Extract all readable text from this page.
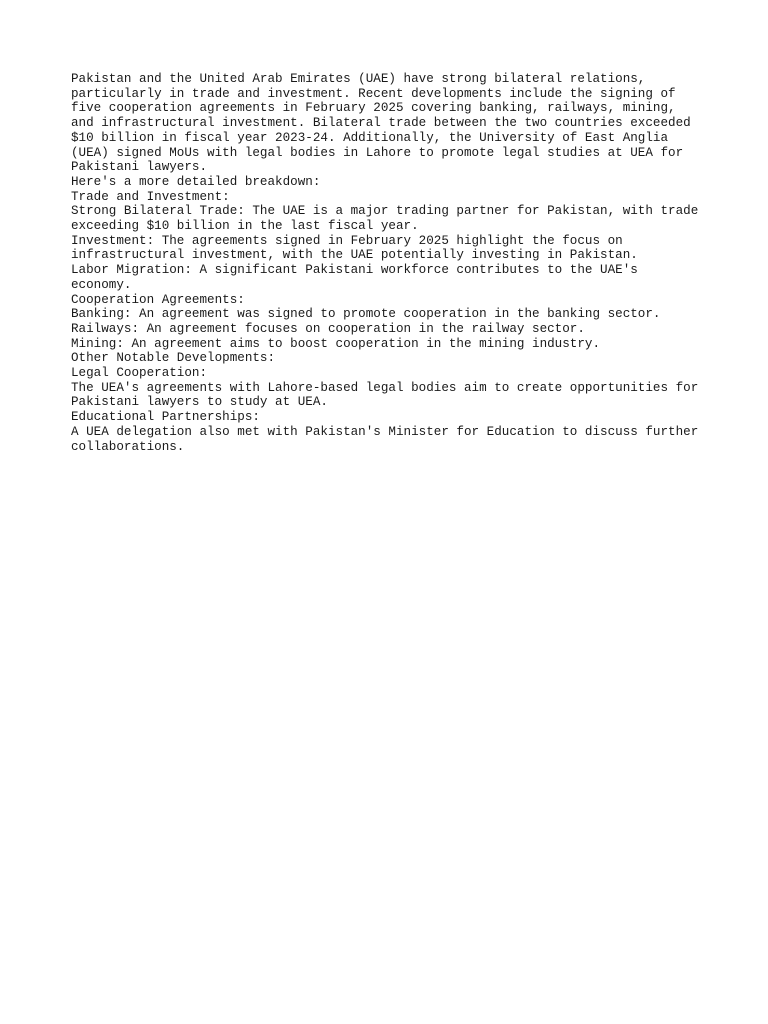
Pakistan and the United Arab Emirates (UAE) have strong bilateral relations,

particularly in trade and investment. Recent developments include the signing of

five cooperation agreements in February 2025 covering banking, railways, mining,

and infrastructural investment. Bilateral trade between the two countries exceeded

$10 billion in fiscal year 2023-24. Additionally, the University of East Anglia

(UEA) signed MoUs with legal bodies in Lahore to promote legal studies at UEA for

Pakistani lawyers.

Here's a more detailed breakdown:

Trade and Investment:

Strong Bilateral Trade: The UAE is a major trading partner for Pakistan, with trade

exceeding $10 billion in the last fiscal year.

Investment: The agreements signed in February 2025 highlight the focus on

infrastructural investment, with the UAE potentially investing in Pakistan.

Labor Migration: A significant Pakistani workforce contributes to the UAE's

economy.

Cooperation Agreements:

Banking: An agreement was signed to promote cooperation in the banking sector.

Railways: An agreement focuses on cooperation in the railway sector.

Mining: An agreement aims to boost cooperation in the mining industry.

Other Notable Developments:

Legal Cooperation:

The UEA's agreements with Lahore-based legal bodies aim to create opportunities for

Pakistani lawyers to study at UEA.

Educational Partnerships:

A UEA delegation also met with Pakistan's Minister for Education to discuss further

collaborations.
